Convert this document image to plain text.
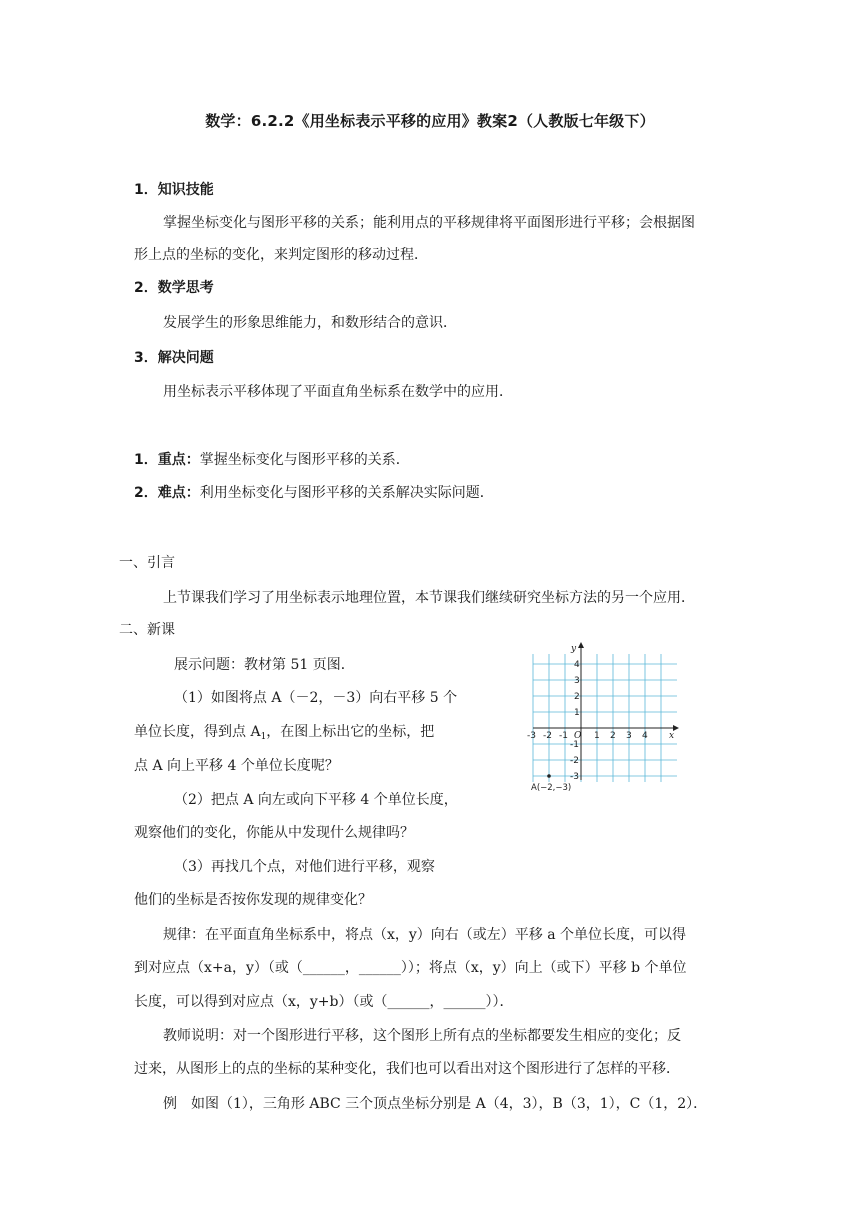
数学：6.2.2《用坐标表示平移的应用》教案2（人教版七年级下）
1．知识技能
掌握坐标变化与图形平移的关系；能利用点的平移规律将平面图形进行平移；会根据图
形上点的坐标的变化，来判定图形的移动过程．
2．数学思考
发展学生的形象思维能力，和数形结合的意识．
3．解决问题
用坐标表示平移体现了平面直角坐标系在数学中的应用．
1．重点：掌握坐标变化与图形平移的关系．
2．难点：利用坐标变化与图形平移的关系解决实际问题．
一、引言
上节课我们学习了用坐标表示地理位置，本节课我们继续研究坐标方法的另一个应用．
二、新课
展示问题：教材第 51 页图．
（1）如图将点 A（－2，－3）向右平移 5 个
单位长度，得到点 $A_1$，在图上标出它的坐标，把
点 A 向上平移 4 个单位长度呢？
（2）把点 A 向左或向下平移 4 个单位长度，
观察他们的变化，你能从中发现什么规律吗？
（3）再找几个点，对他们进行平移，观察
他们的坐标是否按你发现的规律变化？
规律：在平面直角坐标系中，将点（x，y）向右（或左）平移 a 个单位长度，可以得
到对应点（x+a，y）（或（______，______））；将点（x，y）向上（或下）平移 b 个单位
长度，可以得到对应点（x，y+b）（或（______，______））．
教师说明：对一个图形进行平移，这个图形上所有点的坐标都要发生相应的变化；反
过来，从图形上的点的坐标的某种变化，我们也可以看出对这个图形进行了怎样的平移．
例　如图（1），三角形 ABC 三个顶点坐标分别是 A（4，3），B（3，1），C（1，2）．
-3 -2 -1	1 2 3 4
4
3
2
1
-1
-2
-3
O	x
y
A(−2,−3)
